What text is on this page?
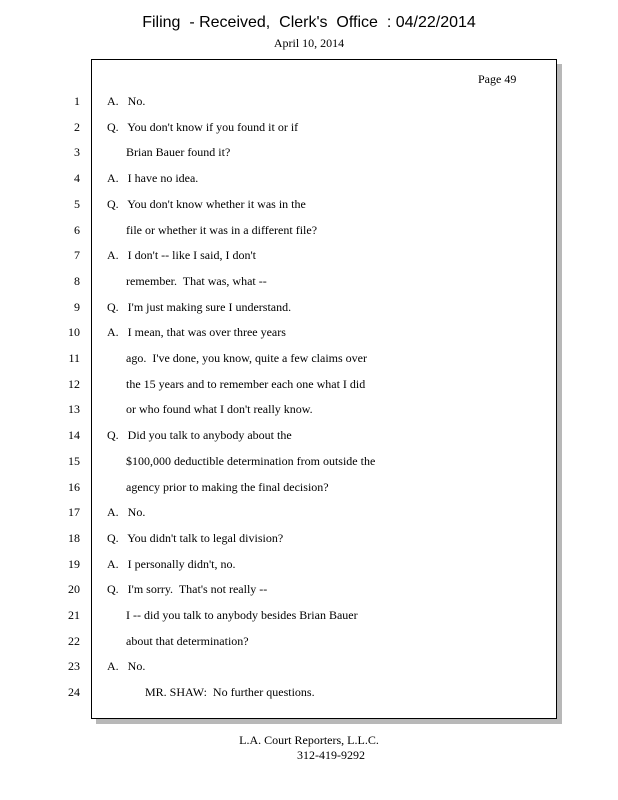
Filing  - Received,  Clerk's  Office  : 04/22/2014
April 10, 2014
Page 49
1 A.   No.
2 Q.   You don't know if you found it or if
3	Brian Bauer found it?
4 A.   I have no idea.
5 Q.   You don't know whether it was in the
6	file or whether it was in a different file?
7 A.   I don't -- like I said, I don't
8	remember.  That was, what --
9 Q.   I'm just making sure I understand.
10 A.   I mean, that was over three years
11	ago.  I've done, you know, quite a few claims over
12	the 15 years and to remember each one what I did
13	or who found what I don't really know.
14 Q.   Did you talk to anybody about the
15	$100,000 deductible determination from outside the
16	agency prior to making the final decision?
17 A.   No.
18 Q.   You didn't talk to legal division?
19 A.   I personally didn't, no.
20 Q.   I'm sorry.  That's not really --
21	I -- did you talk to anybody besides Brian Bauer
22	about that determination?
23 A.   No.
24	MR. SHAW:  No further questions.
L.A. Court Reporters, L.L.C.
312-419-9292
